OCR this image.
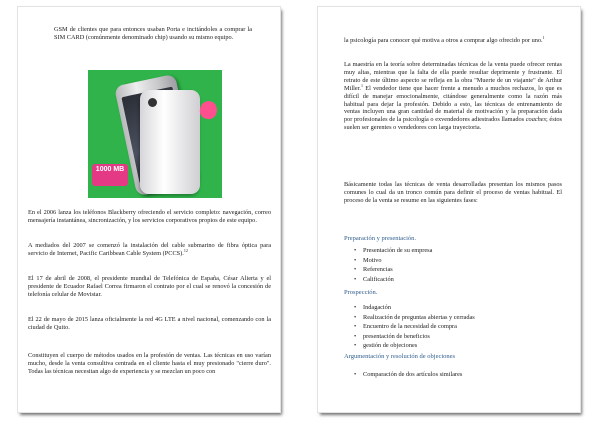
GSM de clientes que para entonces usaban Porta e incitándoles a comprar la SIM CARD (comúnmente denominado chip) usando su mismo equipo.

1000 MB

En el 2006 lanza los teléfonos Blackberry ofreciendo el servicio completo: navegación, correo mensajería instantánea, sincronización, y los servicios corporativos propios de este equipo.

A mediados del 2007 se comenzó la instalación del cable submarino de fibra óptica para servicio de Internet, Pacific Caribbean Cable System (PCCS).$^{12}$

El 17 de abril de 2008, el presidente mundial de Telefónica de España, César Alierta y el presidente de Ecuador Rafael Correa firmaron el contrato por el cual se renovó la concesión de telefonía celular de Movistar.

El 22 de mayo de 2015 lanza oficialmente la red 4G LTE a nivel nacional, comenzando con la ciudad de Quito.

Constituyen el cuerpo de métodos usados en la profesión de ventas. Las técnicas en uso varían mucho, desde la venta consultiva centrada en el cliente hasta el muy presionado "cierre duro". Todas las técnicas necesitan algo de experiencia y se mezclan un poco con

la psicología para conocer qué motiva a otros a comprar algo ofrecido por uno.$^1$

La maestría en la teoría sobre determinadas técnicas de la venta puede ofrecer rentas muy altas, mientras que la falta de ella puede resultar deprimente y frustrante. El retrato de este último aspecto se refleja en la obra "Muerte de un viajante" de Arthur Miller.$^1$ El vendedor tiene que hacer frente a menudo a muchos rechazos, lo que es difícil de manejar emocionalmente, citándose generalmente como la razón más habitual para dejar la profesión. Debido a esto, las técnicas de entrenamiento de ventas incluyen una gran cantidad de material de motivación y la preparación dada por profesionales de la psicología o exvendedores adiestrados llamados coaches; éstos suelen ser gerentes o vendedores con larga trayectoria.

Básicamente todas las técnicas de venta desarrolladas presentan los mismos pasos comunes lo cual da un tronco común para definir el proceso de ventas habitual. El proceso de la venta se resume en las siguientes fases:

Preparación y presentación.

• Presentación de su empresa
• Motivo
• Referencias
• Calificación

Prospección.

• Indagación
• Realización de preguntas abiertas y cerradas
• Encuentro de la necesidad de compra
• presentación de beneficios
• gestión de objeciones

Argumentación y resolución de objeciones

• Comparación de dos artículos similares
